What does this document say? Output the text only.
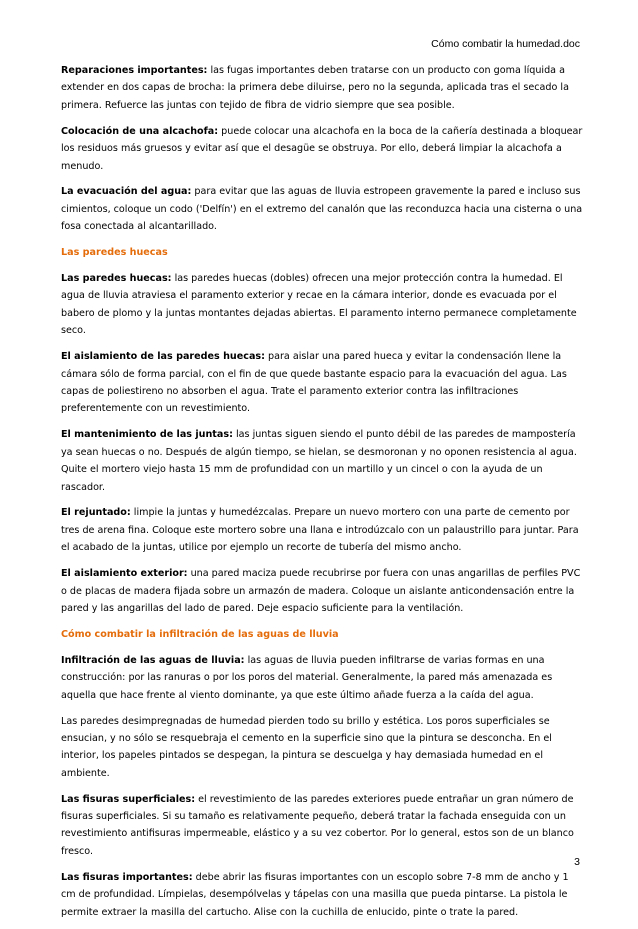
Cómo combatir la humedad.doc

Reparaciones importantes: las fugas importantes deben tratarse con un producto con goma líquida a extender en dos capas de brocha: la primera debe diluirse, pero no la segunda, aplicada tras el secado la primera. Refuerce las juntas con tejido de fibra de vidrio siempre que sea posible.

Colocación de una alcachofa: puede colocar una alcachofa en la boca de la cañería destinada a bloquear los residuos más gruesos y evitar así que el desagüe se obstruya. Por ello, deberá limpiar la alcachofa a menudo.

La evacuación del agua: para evitar que las aguas de lluvia estropeen gravemente la pared e incluso sus cimientos, coloque un codo ('Delfín') en el extremo del canalón que las reconduzca hacia una cisterna o una fosa conectada al alcantarillado.

Las paredes huecas

Las paredes huecas: las paredes huecas (dobles) ofrecen una mejor protección contra la humedad. El agua de lluvia atraviesa el paramento exterior y recae en la cámara interior, donde es evacuada por el babero de plomo y la juntas montantes dejadas abiertas. El paramento interno permanece completamente seco.

El aislamiento de las paredes huecas: para aislar una pared hueca y evitar la condensación llene la cámara sólo de forma parcial, con el fin de que quede bastante espacio para la evacuación del agua. Las capas de poliestireno no absorben el agua. Trate el paramento exterior contra las infiltraciones preferentemente con un revestimiento.

El mantenimiento de las juntas: las juntas siguen siendo el punto débil de las paredes de mampostería ya sean huecas o no. Después de algún tiempo, se hielan, se desmoronan y no oponen resistencia al agua. Quite el mortero viejo hasta 15 mm de profundidad con un martillo y un cincel o con la ayuda de un rascador.

El rejuntado: limpie la juntas y humedézcalas. Prepare un nuevo mortero con una parte de cemento por tres de arena fina. Coloque este mortero sobre una llana e introdúzcalo con un palaustrillo para juntar. Para el acabado de la juntas, utilice por ejemplo un recorte de tubería del mismo ancho.

El aislamiento exterior: una pared maciza puede recubrirse por fuera con unas angarillas de perfiles PVC o de placas de madera fijada sobre un armazón de madera. Coloque un aislante anticondensación entre la pared y las angarillas del lado de pared. Deje espacio suficiente para la ventilación.

Cómo combatir la infiltración de las aguas de lluvia

Infiltración de las aguas de lluvia: las aguas de lluvia pueden infiltrarse de varias formas en una construcción: por las ranuras o por los poros del material. Generalmente, la pared más amenazada es aquella que hace frente al viento dominante, ya que este último añade fuerza a la caída del agua.

Las paredes desimpregnadas de humedad pierden todo su brillo y estética. Los poros superficiales se ensucian, y no sólo se resquebraja el cemento en la superficie sino que la pintura se desconcha. En el interior, los papeles pintados se despegan, la pintura se descuelga y hay demasiada humedad en el ambiente.

Las fisuras superficiales: el revestimiento de las paredes exteriores puede entrañar un gran número de fisuras superficiales. Si su tamaño es relativamente pequeño, deberá tratar la fachada enseguida con un revestimiento antifisuras impermeable, elástico y a su vez cobertor. Por lo general, estos son de un blanco fresco.

Las fisuras importantes: debe abrir las fisuras importantes con un escoplo sobre 7-8 mm de ancho y 1 cm de profundidad. Límpielas, desempólvelas y tápelas con una masilla que pueda pintarse. La pistola le permite extraer la masilla del cartucho. Alise con la cuchilla de enlucido, pinte o trate la pared.

3
